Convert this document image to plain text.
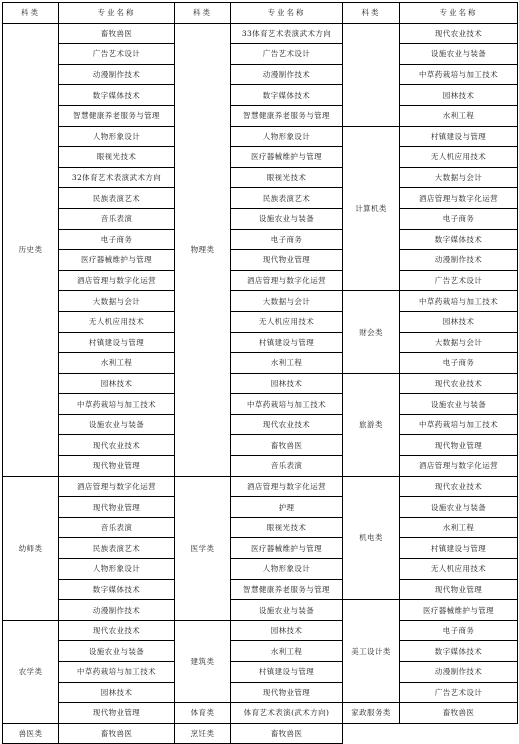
科类	专业名称	科类	专业名称	科类	专业名称
历史类	畜牧兽医	物理类	33体育艺术表演武术方向		现代农业技术
	广告艺术设计		广告艺术设计		设施农业与装备
	动漫制作技术		动漫制作技术		中草药栽培与加工技术
	数字媒体技术		数字媒体技术		园林技术
	智慧健康养老服务与管理		智慧健康养老服务与管理		水利工程
	人物形象设计		人物形象设计	计算机类	村镇建设与管理
	眼视光技术		医疗器械维护与管理		无人机应用技术
	32体育艺术表演武术方向		眼视光技术		大数据与会计
	民族表演艺术		民族表演艺术		酒店管理与数字化运营
	音乐表演		设施农业与装备		电子商务
	电子商务		电子商务		数字媒体技术
	医疗器械维护与管理		现代物业管理		动漫制作技术
	酒店管理与数字化运营		酒店管理与数字化运营		广告艺术设计
	大数据与会计		大数据与会计	财会类	中草药栽培与加工技术
	无人机应用技术		无人机应用技术		园林技术
	村镇建设与管理		村镇建设与管理		大数据与会计
	水利工程		水利工程		电子商务
	园林技术		园林技术	旅游类	现代农业技术
	中草药栽培与加工技术		中草药栽培与加工技术		设施农业与装备
	设施农业与装备		现代农业技术		中草药栽培与加工技术
	现代农业技术		畜牧兽医		现代物业管理
	现代物业管理		音乐表演		酒店管理与数字化运营
幼师类	酒店管理与数字化运营	医学类	酒店管理与数字化运营	机电类	现代农业技术
	现代物业管理		护理		设施农业与装备
	音乐表演		眼视光技术		水利工程
	民族表演艺术		医疗器械维护与管理		村镇建设与管理
	人物形象设计		人物形象设计		无人机应用技术
	数字媒体技术		智慧健康养老服务与管理		现代物业管理
	动漫制作技术		设施农业与装备	美工设计类	医疗器械维护与管理
农学类	现代农业技术	建筑类	园林技术		电子商务
	设施农业与装备		水利工程		数字媒体技术
	中草药栽培与加工技术		村镇建设与管理		动漫制作技术
	园林技术		现代物业管理		广告艺术设计
	现代物业管理	体育类	体育艺术表演(武术方向)	家政服务类	畜牧兽医
兽医类	畜牧兽医	烹饪类	畜牧兽医		
